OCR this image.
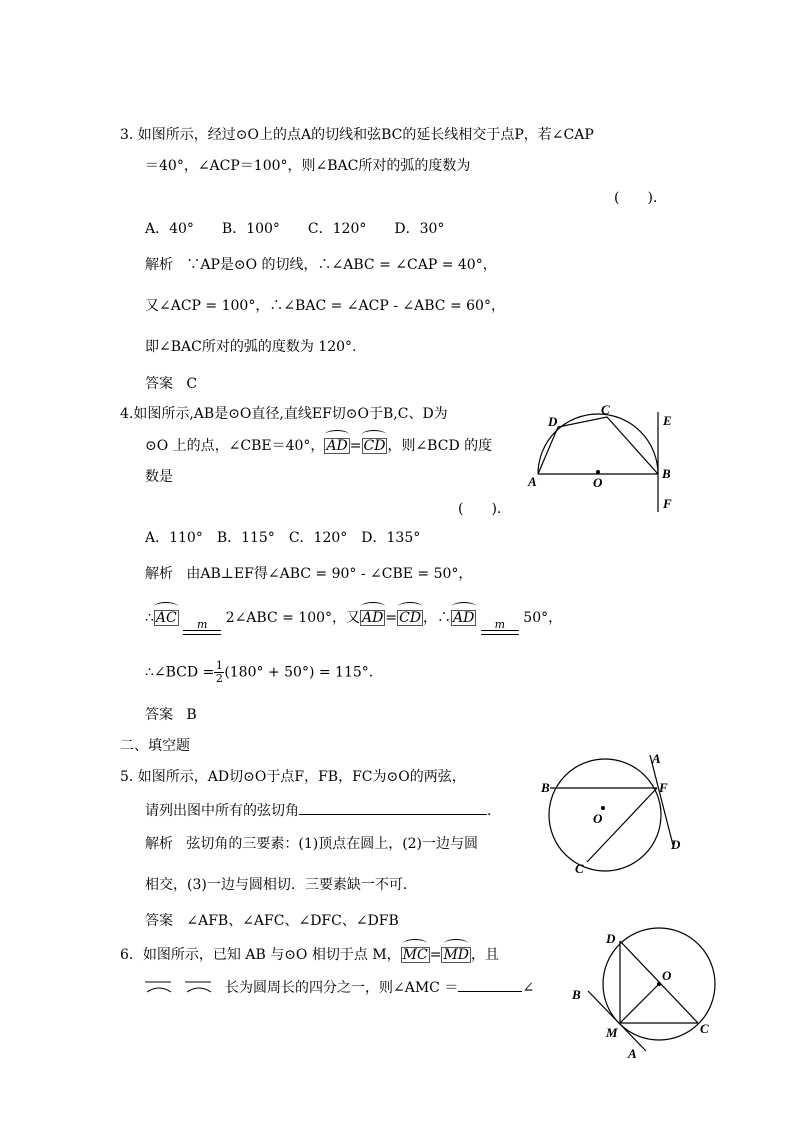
3. 如图所示，经过⊙O上的点A的切线和弦BC的延长线相交于点P，若∠CAP
＝40°，∠ACP＝100°，则∠BAC所对的弧的度数为
(　　).
A．40°　　B．100°　　C．120°　　D．30°
解析 ∵AP是⊙O 的切线，∴∠ABC = ∠CAP = 40°，
又∠ACP = 100°，∴∠BAC = ∠ACP - ∠ABC = 60°，
即∠BAC所对的弧的度数为 120°.
答案 C
4.如图所示,AB是⊙O直径,直线EF切⊙O于B,C、D为
⊙O 上的点，∠CBE＝40°， AD = CD ，则∠BCD 的度
数是
(　　).
A．110°　B．115°　C．120°　D．135°
解析 由AB⊥EF得∠ABC = 90° - ∠CBE = 50°，
∴ AC	m	2∠ABC = 100°，又 AD = CD ，∴ AD	m	50°，
∴∠BCD = $\frac{1}{2} (180^\circ + 50^\circ) = 115^\circ$.
答案 B
A
B
C
D	E
F
O
二、填空题
5. 如图所示，AD切⊙O于点F，FB，FC为⊙O的两弦，
请列出图中所有的弦切角	.
解析 弦切角的三要素：(1)顶点在圆上，(2)一边与圆
相交，(3)一边与圆相切．三要素缺一不可．
答案 ∠AFB、∠AFC、∠DFC、∠DFB
A
B
C
D
F
O
6．如图所示，已知 AB 与⊙O 相切于点 M， MC = MD ，且
长为圆周长的四分之一，则∠AMC ＝	∠
D
O
B
M	C
A
